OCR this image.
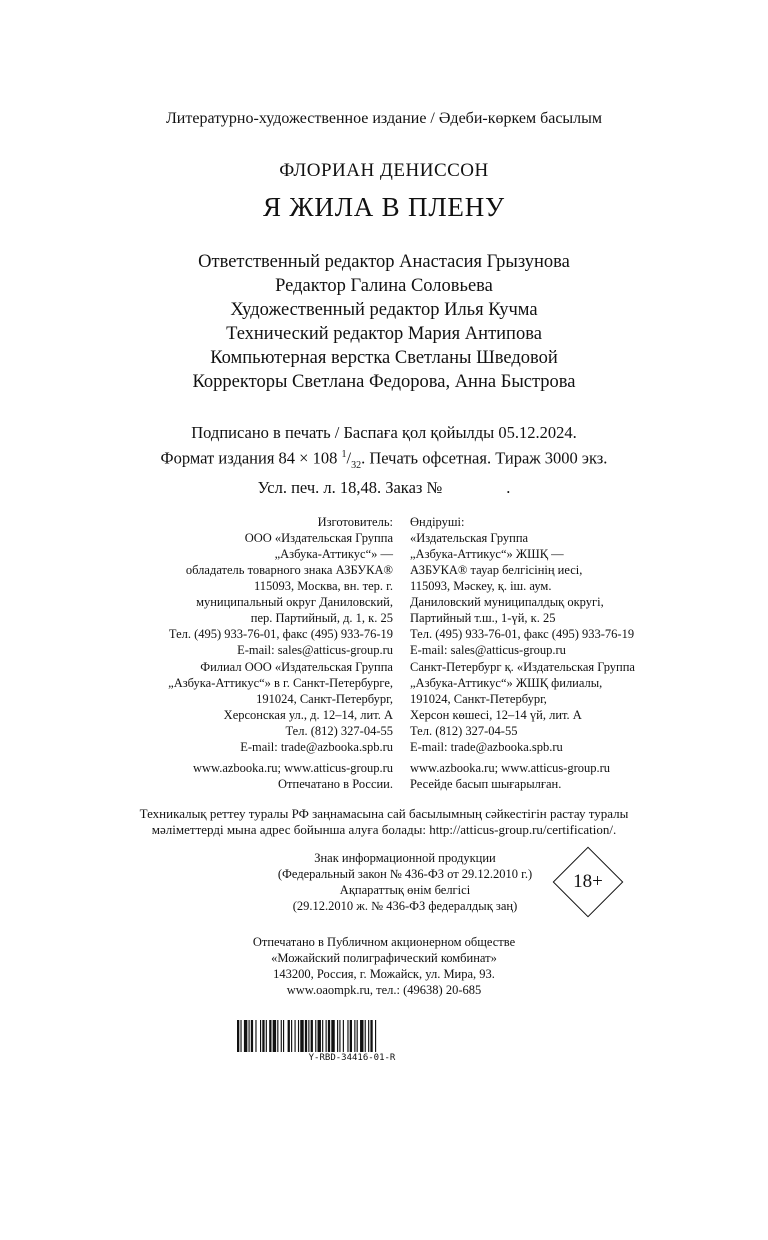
Литературно-художественное издание / Әдеби-көркем басылым
ФЛОРИАН ДЕНИССОН
Я ЖИЛА В ПЛЕНУ
Ответственный редактор Анастасия Грызунова
Редактор Галина Соловьева
Художественный редактор Илья Кучма
Технический редактор Мария Антипова
Компьютерная верстка Светланы Шведовой
Корректоры Светлана Федорова, Анна Быстрова
Подписано в печать / Баспаға қол қойылды 05.12.2024.
Формат издания 84 × 108 $^1/_{32}$. Печать офсетная. Тираж 3000 экз.
Усл. печ. л. 18,48. Заказ №	.
Изготовитель:
ООО «Издательская Группа
„Азбука-Аттикус“» —
обладатель товарного знака АЗБУКА®
115093, Москва, вн. тер. г.
муниципальный округ Даниловский,
пер. Партийный, д. 1, к. 25
Тел. (495) 933-76-01, факс (495) 933-76-19
E-mail: sales@atticus-group.ru
Өндіруші:
«Издательская Группа
„Азбука-Аттикус“» ЖШҚ —
АЗБУКА® тауар белгісінің иесі,
115093, Мәскеу, қ. іш. аум.
Даниловский муниципалдық округі,
Партийный т.ш., 1-үй, к. 25
Тел. (495) 933-76-01, факс (495) 933-76-19
E-mail: sales@atticus-group.ru
Филиал ООО «Издательская Группа
„Азбука-Аттикус“» в г. Санкт-Петербурге,
191024, Санкт-Петербург,
Херсонская ул., д. 12–14, лит. А
Тел. (812) 327-04-55
E-mail: trade@azbooka.spb.ru
Санкт-Петербург қ. «Издательская Группа
„Азбука-Аттикус“» ЖШҚ филиалы,
191024, Санкт-Петербург,
Херсон көшесі, 12–14 үй, лит. А
Тел. (812) 327-04-55
E-mail: trade@azbooka.spb.ru
www.azbooka.ru; www.atticus-group.ru
Отпечатано в России.
www.azbooka.ru; www.atticus-group.ru
Ресейде басып шығарылған.
Техникалық реттеу туралы РФ заңнамасына сай басылымның сәйкестігін растау туралы
мәліметтерді мына адрес бойынша алуға болады: http://atticus-group.ru/certification/.
Знак информационной продукции
(Федеральный закон № 436-ФЗ от 29.12.2010 г.)
Ақпараттық өнім белгісі
(29.12.2010 ж. № 436-ФЗ федералдық заң)
18+
Отпечатано в Публичном акционерном обществе
«Можайский полиграфический комбинат»
143200, Россия, г. Можайск, ул. Мира, 93.
www.oaompk.ru, тел.: (49638) 20-685
Y-RBD-34416-01-R
